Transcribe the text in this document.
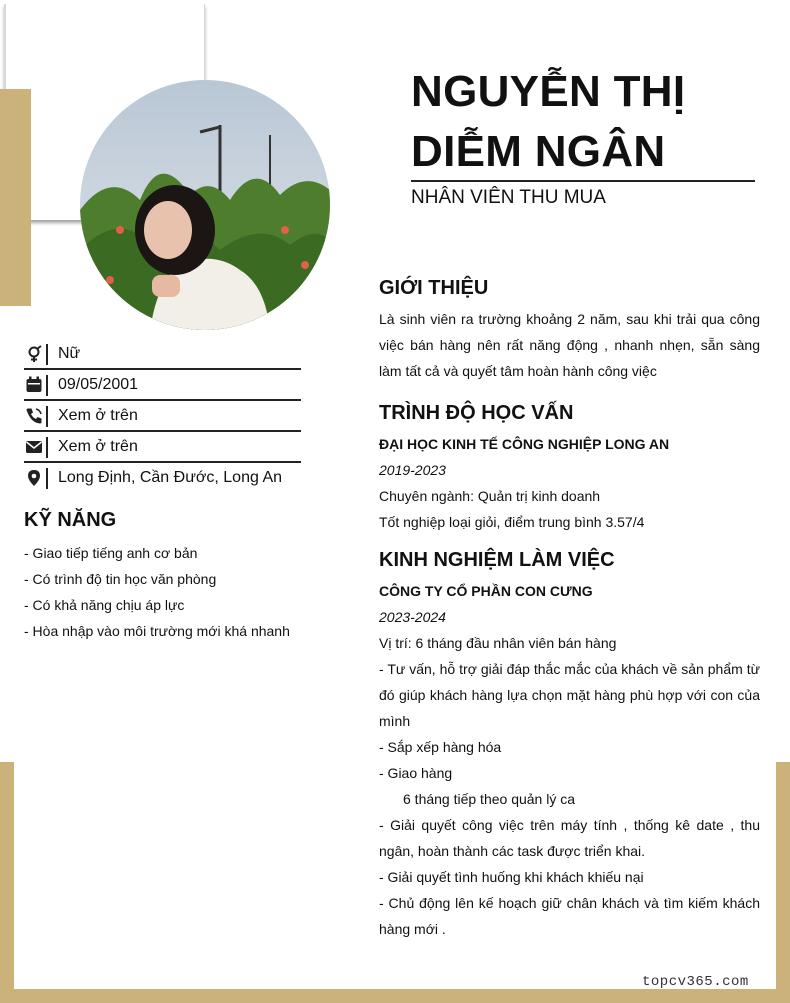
NGUYỄN THỊ
DIỄM NGÂN
NHÂN VIÊN THU MUA
Nữ
09/05/2001
Xem ở trên
Xem ở trên
Long Định, Cần Đước, Long An
KỸ NĂNG
- Giao tiếp tiếng anh cơ bản
- Có trình độ tin học văn phòng
- Có khả năng chịu áp lực
- Hòa nhập vào môi trường mới khá nhanh
GIỚI THIỆU
Là sinh viên ra trường khoảng 2 năm, sau khi trải qua công việc bán hàng nên rất năng động , nhanh nhẹn, sẵn sàng làm tất cả và quyết tâm hoàn hành công việc
TRÌNH ĐỘ HỌC VẤN
ĐẠI HỌC KINH TẾ CÔNG NGHIỆP LONG AN
2019-2023
Chuyên ngành: Quản trị kinh doanh
Tốt nghiệp loại giỏi, điểm trung bình 3.57/4
KINH NGHIỆM LÀM VIỆC
CÔNG TY CỔ PHẦN CON CƯNG
2023-2024
Vị trí: 6 tháng đầu nhân viên bán hàng
- Tư vấn, hỗ trợ giải đáp thắc mắc của khách về sản phẩm từ đó giúp khách hàng lựa chọn mặt hàng phù hợp với con của mình
- Sắp xếp hàng hóa
- Giao hàng
6 tháng tiếp theo quản lý ca
- Giải quyết công việc trên máy tính , thống kê date , thu ngân, hoàn thành các task được triển khai.
- Giải quyết tình huống khi khách khiếu nại
- Chủ động lên kế hoạch giữ chân khách và tìm kiếm khách hàng mới .
topcv365.com
